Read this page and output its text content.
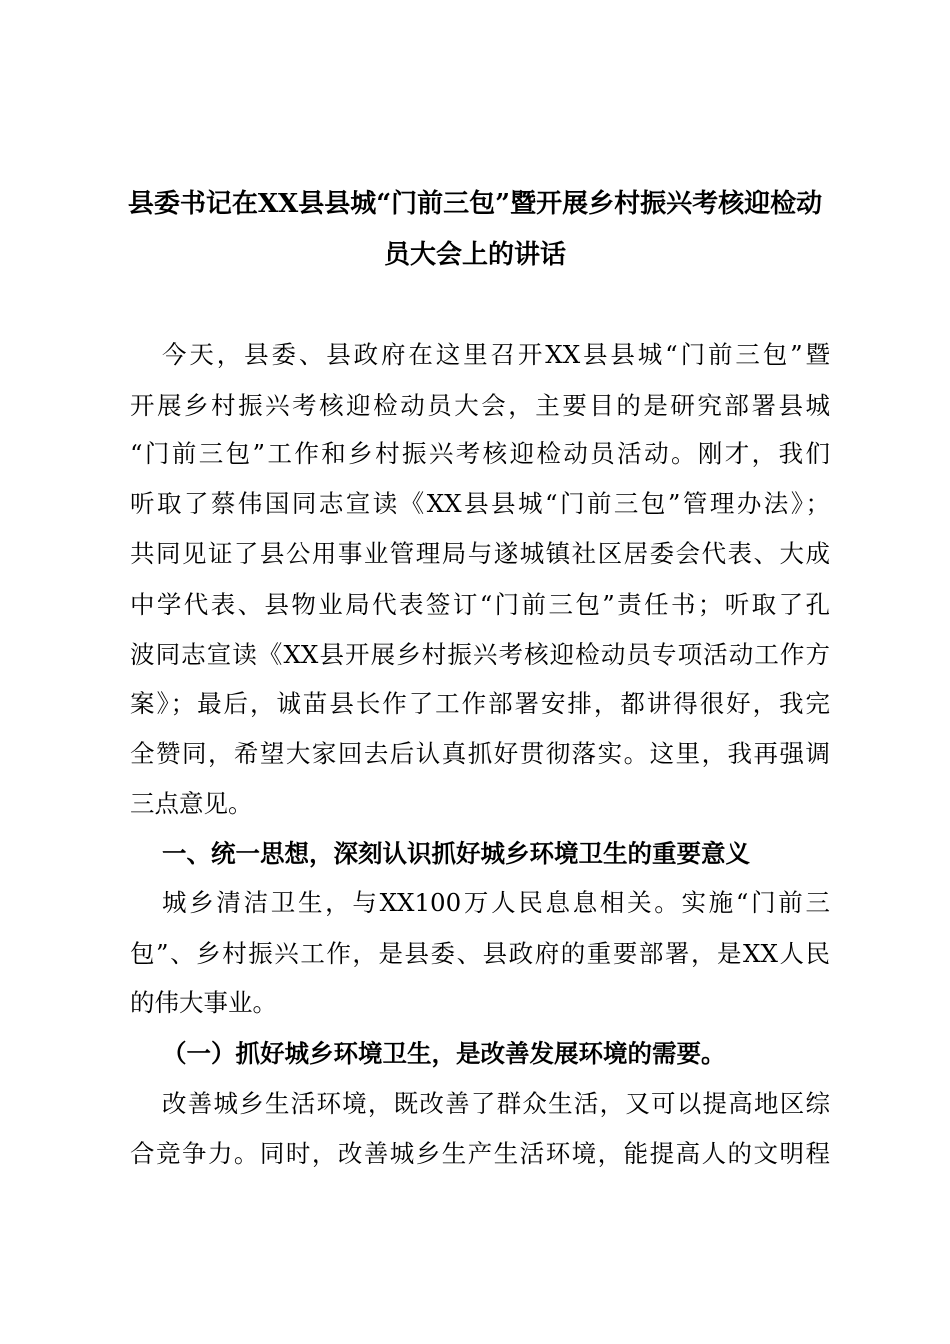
县委书记在XX县县城“门前三包”暨开展乡村振兴考核迎检动
员大会上的讲话
今天，县委、县政府在这里召开XX县县城“门前三包”暨
开展乡村振兴考核迎检动员大会，主要目的是研究部署县城
“门前三包”工作和乡村振兴考核迎检动员活动。刚才，我们
听取了蔡伟国同志宣读《XX县县城“门前三包”管理办法》；
共同见证了县公用事业管理局与遂城镇社区居委会代表、大成
中学代表、县物业局代表签订“门前三包”责任书；听取了孔
波同志宣读《XX县开展乡村振兴考核迎检动员专项活动工作方
案》；最后，诚苗县长作了工作部署安排，都讲得很好，我完
全赞同，希望大家回去后认真抓好贯彻落实。这里，我再强调
三点意见。
一、统一思想，深刻认识抓好城乡环境卫生的重要意义
城乡清洁卫生，与XX100万人民息息相关。实施“门前三
包”、乡村振兴工作，是县委、县政府的重要部署，是XX人民
的伟大事业。
（一）抓好城乡环境卫生，是改善发展环境的需要。
改善城乡生活环境，既改善了群众生活，又可以提高地区综
合竞争力。同时，改善城乡生产生活环境，能提高人的文明程
